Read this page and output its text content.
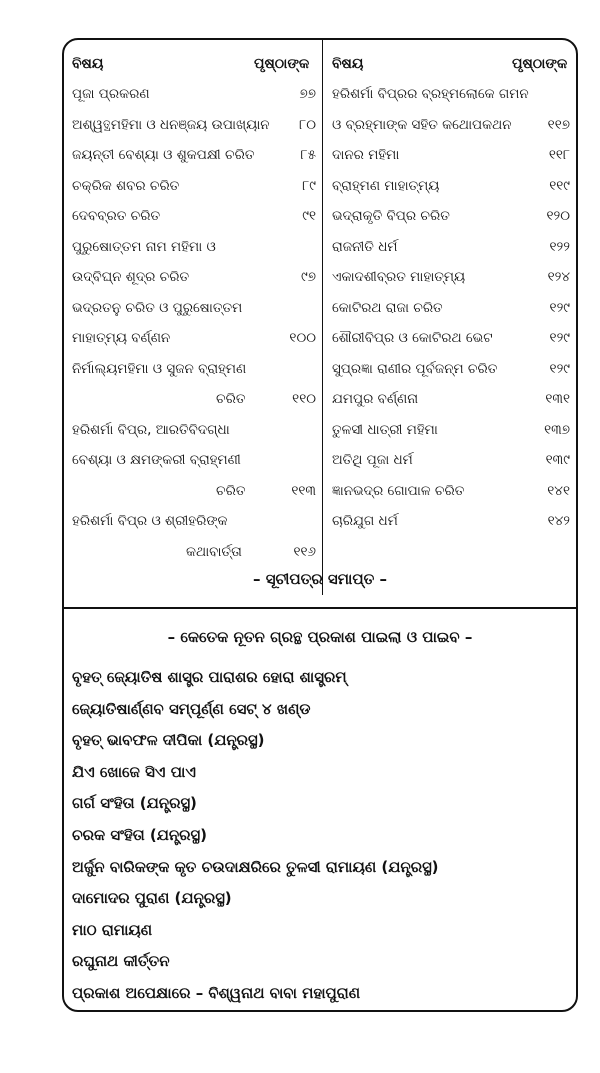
ବିଷୟ	ପୃଷ୍ଠାଙ୍କ ବିଷୟ	ପୃଷ୍ଠାଙ୍କ
ପୂଜା ପ୍ରକରଣ	୭୭
ଅଶ୍ୱତ୍ଥମହିମା ଓ ଧନଞ୍ଜୟ ଉପାଖ୍ୟାନ	୮୦
ଜୟନ୍ତୀ ବେଶ୍ୟା ଓ ଶୁକପକ୍ଷୀ ଚରିତ	୮୫
ଚକ୍ରିକ ଶବର ଚରିତ	୮୯
ଦେବବ୍ରତ ଚରିତ	୯୧
ପୁରୁଷୋତ୍ତମ ନାମ ମହିମା ଓ
ଉଦ୍‌ବିଘ୍ନ ଶୂଦ୍ର ଚରିତ	୯୭
ଭଦ୍ରତନୁ ଚରିତ ଓ ପୁରୁଷୋତ୍ତମ
ମାହାତ୍ମ୍ୟ ବର୍ଣ୍ଣନ	୧୦୦
ନିର୍ମାଲ୍ୟମହିମା ଓ ସୁଜନ ବ୍ରାହ୍ମଣ
ଚରିତ	୧୧୦
ହରିଶର୍ମା ବିପ୍ର, ଆରତିବିଦଗ୍ଧା
ବେଶ୍ୟା ଓ କ୍ଷମଙ୍କରୀ ବ୍ରାହ୍ମଣୀ
ଚରିତ	୧୧୩
ହରିଶର୍ମା ବିପ୍ର ଓ ଶ୍ରୀହରିଙ୍କ
କଥାବାର୍ତ୍ତା	୧୧୬
ହରିଶର୍ମା ବିପ୍ରର ବ୍ରହ୍ମଲୋକେ ଗମନ
ଓ ବ୍ରହ୍ମାଙ୍କ ସହିତ କଥୋପକଥନ	୧୧୭
ଦାନର ମହିମା	୧୧୮
ବ୍ରାହ୍ମଣ ମାହାତ୍ମ୍ୟ	୧୧୯
ଭଦ୍ରାକୃତି ବିପ୍ର ଚରିତ	୧୨୦
ରାଜନୀତି ଧର୍ମ	୧୨୨
ଏକାଦଶୀବ୍ରତ ମାହାତ୍ମ୍ୟ	୧୨୪
କୋଟିରଥ ରାଜା ଚରିତ	୧୨୯
ଶୌରୀବିପ୍ର ଓ କୋଟିରଥ ଭେଟ	୧୨୯
ସୁପ୍ରଜ୍ଞା ରାଣୀର ପୂର୍ବଜନ୍ମ ଚରିତ	୧୨୯
ଯମପୁର ବର୍ଣ୍ଣନା	୧୩୧
ତୁଳସୀ ଧାତ୍ରୀ ମହିମା	୧୩୭
ଅତିଥି ପୂଜା ଧର୍ମ	୧୩୯
ଜ୍ଞାନଭଦ୍ର ଗୋପାଳ ଚରିତ	୧୪୧
ଚାରିଯୁଗ ଧର୍ମ	୧୪୨
– ସୂଚୀପତ୍ର ସମାପ୍ତ –
– କେତେକ ନୂତନ ଗ୍ରନ୍ଥ ପ୍ରକାଶ ପାଇଲା ଓ ପାଇବ –
ବୃହତ୍ ଜ୍ୟୋତିଷ ଶାସ୍ତ୍ର ପାରାଶର ହୋରା ଶାସ୍ତ୍ରମ୍
ଜ୍ୟୋତିଷାର୍ଣ୍ଣବ ସମ୍ପୂର୍ଣ୍ଣ ସେଟ୍ ୪ ଖଣ୍ଡ
ବୃହତ୍ ଭାବଫଳ ଦୀପିକା (ଯନ୍ତ୍ରସ୍ଥ)
ଯିଏ ଖୋଜେ ସିଏ ପାଏ
ଗର୍ଗ ସଂହିତା (ଯନ୍ତ୍ରସ୍ଥ)
ଚରକ ସଂହିତା (ଯନ୍ତ୍ରସ୍ଥ)
ଅର୍ଜୁନ ବାରିକଙ୍କ କୃତ ଚଉଦାକ୍ଷରିରେ ତୁଳସୀ ରାମାୟଣ (ଯନ୍ତ୍ରସ୍ଥ)
ଦାମୋଦର ପୁରାଣ (ଯନ୍ତ୍ରସ୍ଥ)
ମାଠ ରାମାୟଣ
ରଘୁନାଥ କୀର୍ତ୍ତନ
ପ୍ରକାଶ ଅପେକ୍ଷାରେ – ବିଶ୍ୱନାଥ ବାବା ମହାପୁରାଣ
